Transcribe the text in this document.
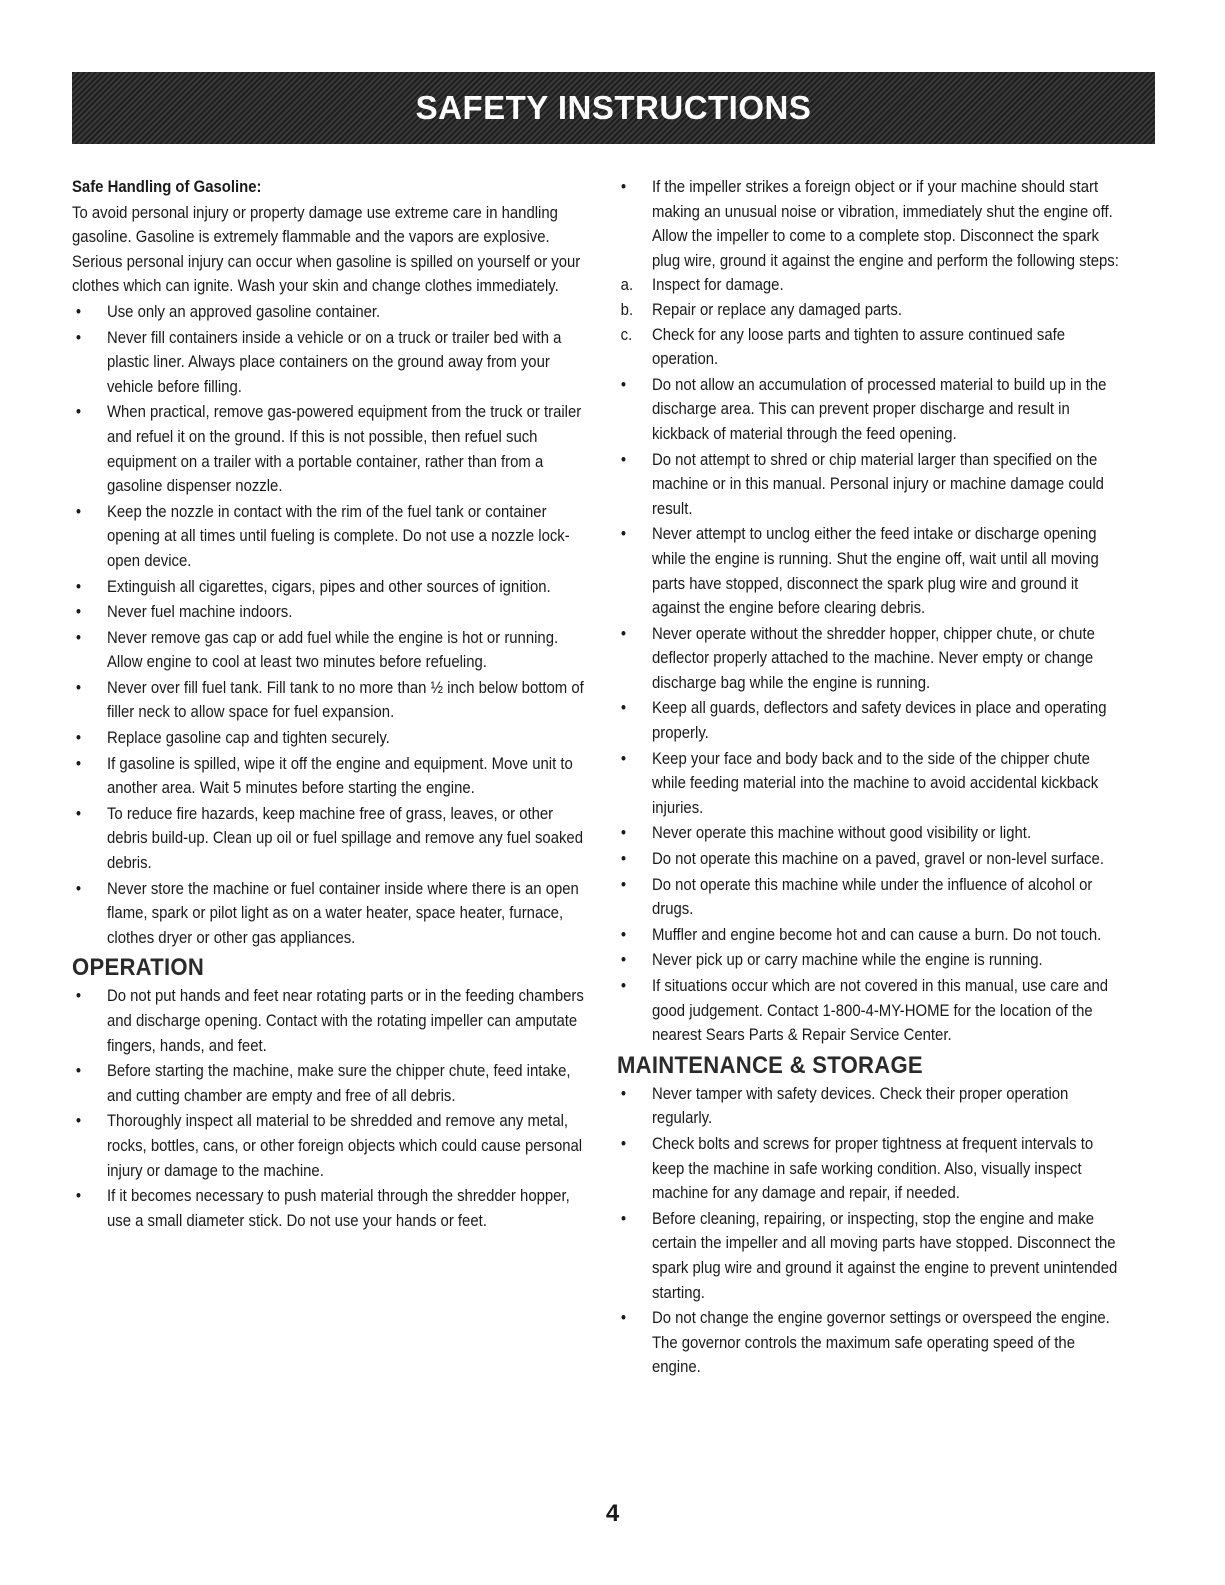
SAFETY INSTRUCTIONS
Safe Handling of Gasoline:

To avoid personal injury or property damage use extreme care in handling gasoline. Gasoline is extremely flammable and the vapors are explosive. Serious personal injury can occur when gasoline is spilled on yourself or your clothes which can ignite. Wash your skin and change clothes immediately.

• Use only an approved gasoline container.
• Never fill containers inside a vehicle or on a truck or trailer bed with a plastic liner. Always place containers on the ground away from your vehicle before filling.
• When practical, remove gas-powered equipment from the truck or trailer and refuel it on the ground. If this is not possible, then refuel such equipment on a trailer with a portable container, rather than from a gasoline dispenser nozzle.
• Keep the nozzle in contact with the rim of the fuel tank or container opening at all times until fueling is complete. Do not use a nozzle lock-open device.
• Extinguish all cigarettes, cigars, pipes and other sources of ignition.
• Never fuel machine indoors.
• Never remove gas cap or add fuel while the engine is hot or running. Allow engine to cool at least two minutes before refueling.
• Never over fill fuel tank. Fill tank to no more than ½ inch below bottom of filler neck to allow space for fuel expansion.
• Replace gasoline cap and tighten securely.
• If gasoline is spilled, wipe it off the engine and equipment. Move unit to another area. Wait 5 minutes before starting the engine.
• To reduce fire hazards, keep machine free of grass, leaves, or other debris build-up. Clean up oil or fuel spillage and remove any fuel soaked debris.
• Never store the machine or fuel container inside where there is an open flame, spark or pilot light as on a water heater, space heater, furnace, clothes dryer or other gas appliances.
OPERATION
• Do not put hands and feet near rotating parts or in the feeding chambers and discharge opening. Contact with the rotating impeller can amputate fingers, hands, and feet.
• Before starting the machine, make sure the chipper chute, feed intake, and cutting chamber are empty and free of all debris.
• Thoroughly inspect all material to be shredded and remove any metal, rocks, bottles, cans, or other foreign objects which could cause personal injury or damage to the machine.
• If it becomes necessary to push material through the shredder hopper, use a small diameter stick. Do not use your hands or feet.
• If the impeller strikes a foreign object or if your machine should start making an unusual noise or vibration, immediately shut the engine off. Allow the impeller to come to a complete stop. Disconnect the spark plug wire, ground it against the engine and perform the following steps:
a. Inspect for damage.
b. Repair or replace any damaged parts.
c. Check for any loose parts and tighten to assure continued safe operation.
• Do not allow an accumulation of processed material to build up in the discharge area. This can prevent proper discharge and result in kickback of material through the feed opening.
• Do not attempt to shred or chip material larger than specified on the machine or in this manual. Personal injury or machine damage could result.
• Never attempt to unclog either the feed intake or discharge opening while the engine is running. Shut the engine off, wait until all moving parts have stopped, disconnect the spark plug wire and ground it against the engine before clearing debris.
• Never operate without the shredder hopper, chipper chute, or chute deflector properly attached to the machine. Never empty or change discharge bag while the engine is running.
• Keep all guards, deflectors and safety devices in place and operating properly.
• Keep your face and body back and to the side of the chipper chute while feeding material into the machine to avoid accidental kickback injuries.
• Never operate this machine without good visibility or light.
• Do not operate this machine on a paved, gravel or non-level surface.
• Do not operate this machine while under the influence of alcohol or drugs.
• Muffler and engine become hot and can cause a burn. Do not touch.
• Never pick up or carry machine while the engine is running.
• If situations occur which are not covered in this manual, use care and good judgement. Contact 1-800-4-MY-HOME for the location of the nearest Sears Parts & Repair Service Center.
MAINTENANCE & STORAGE
• Never tamper with safety devices. Check their proper operation regularly.
• Check bolts and screws for proper tightness at frequent intervals to keep the machine in safe working condition. Also, visually inspect machine for any damage and repair, if needed.
• Before cleaning, repairing, or inspecting, stop the engine and make certain the impeller and all moving parts have stopped. Disconnect the spark plug wire and ground it against the engine to prevent unintended starting.
• Do not change the engine governor settings or overspeed the engine. The governor controls the maximum safe operating speed of the engine.
4
